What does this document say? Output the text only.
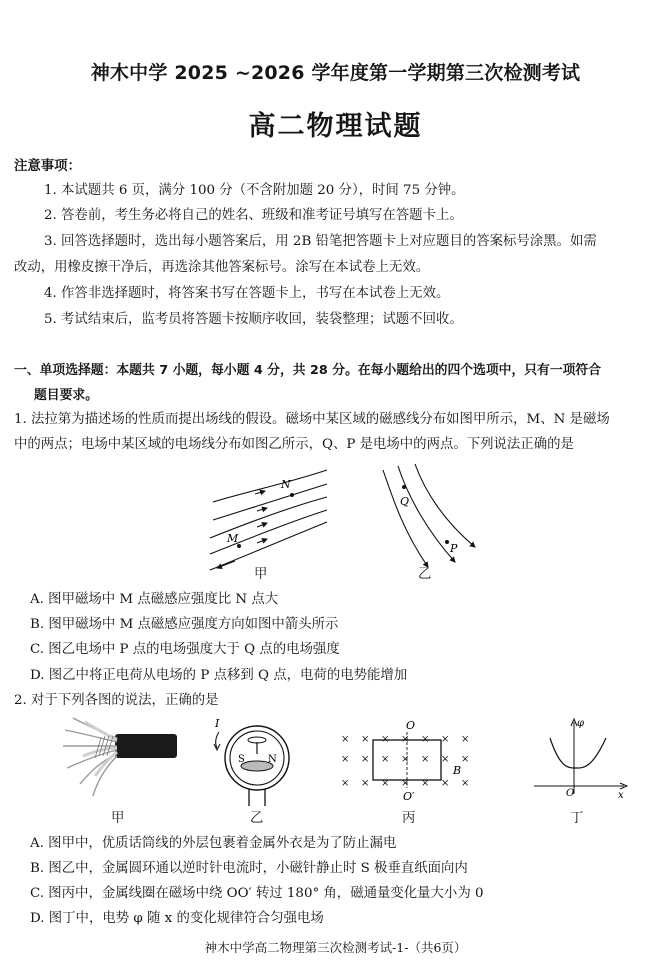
神木中学 2025 ~2026 学年度第一学期第三次检测考试
高二物理试题
注意事项：
1. 本试题共 6 页，满分 100 分（不含附加题 20 分），时间 75 分钟。
2. 答卷前，考生务必将自己的姓名、班级和准考证号填写在答题卡上。
3. 回答选择题时，选出每小题答案后，用 2B 铅笔把答题卡上对应题目的答案标号涂黑。如需
改动，用橡皮擦干净后，再选涂其他答案标号。涂写在本试卷上无效。
4. 作答非选择题时，将答案书写在答题卡上，书写在本试卷上无效。
5. 考试结束后，监考员将答题卡按顺序收回，装袋整理；试题不回收。
一、单项选择题：本题共 7 小题，每小题 4 分，共 28 分。在每小题给出的四个选项中，只有一项符合
题目要求。
1. 法拉第为描述场的性质而提出场线的假设。磁场中某区域的磁感线分布如图甲所示，M、N 是磁场
中的两点；电场中某区域的电场线分布如图乙所示，Q、P 是电场中的两点。下列说法正确的是
N
M
甲
Q
P
乙
A. 图甲磁场中 M 点磁感应强度比 N 点大
B. 图甲磁场中 M 点磁感应强度方向如图中箭头所示
C. 图乙电场中 P 点的电场强度大于 Q 点的电场强度
D. 图乙中将正电荷从电场的 P 点移到 Q 点，电荷的电势能增加
2. 对于下列各图的说法，正确的是
甲
I
S N
乙
O
O′
B
× × × × × × ×
× × × × × × ×
× × × × × × ×
丙
φ
O	x
丁
A. 图甲中，优质话筒线的外层包裹着金属外衣是为了防止漏电
B. 图乙中，金属圆环通以逆时针电流时，小磁针静止时 S 极垂直纸面向内
C. 图丙中，金属线圈在磁场中绕 OO′ 转过 180° 角，磁通量变化量大小为 0
D. 图丁中，电势 φ 随 x 的变化规律符合匀强电场
神木中学高二物理第三次检测考试-1-（共6页）
